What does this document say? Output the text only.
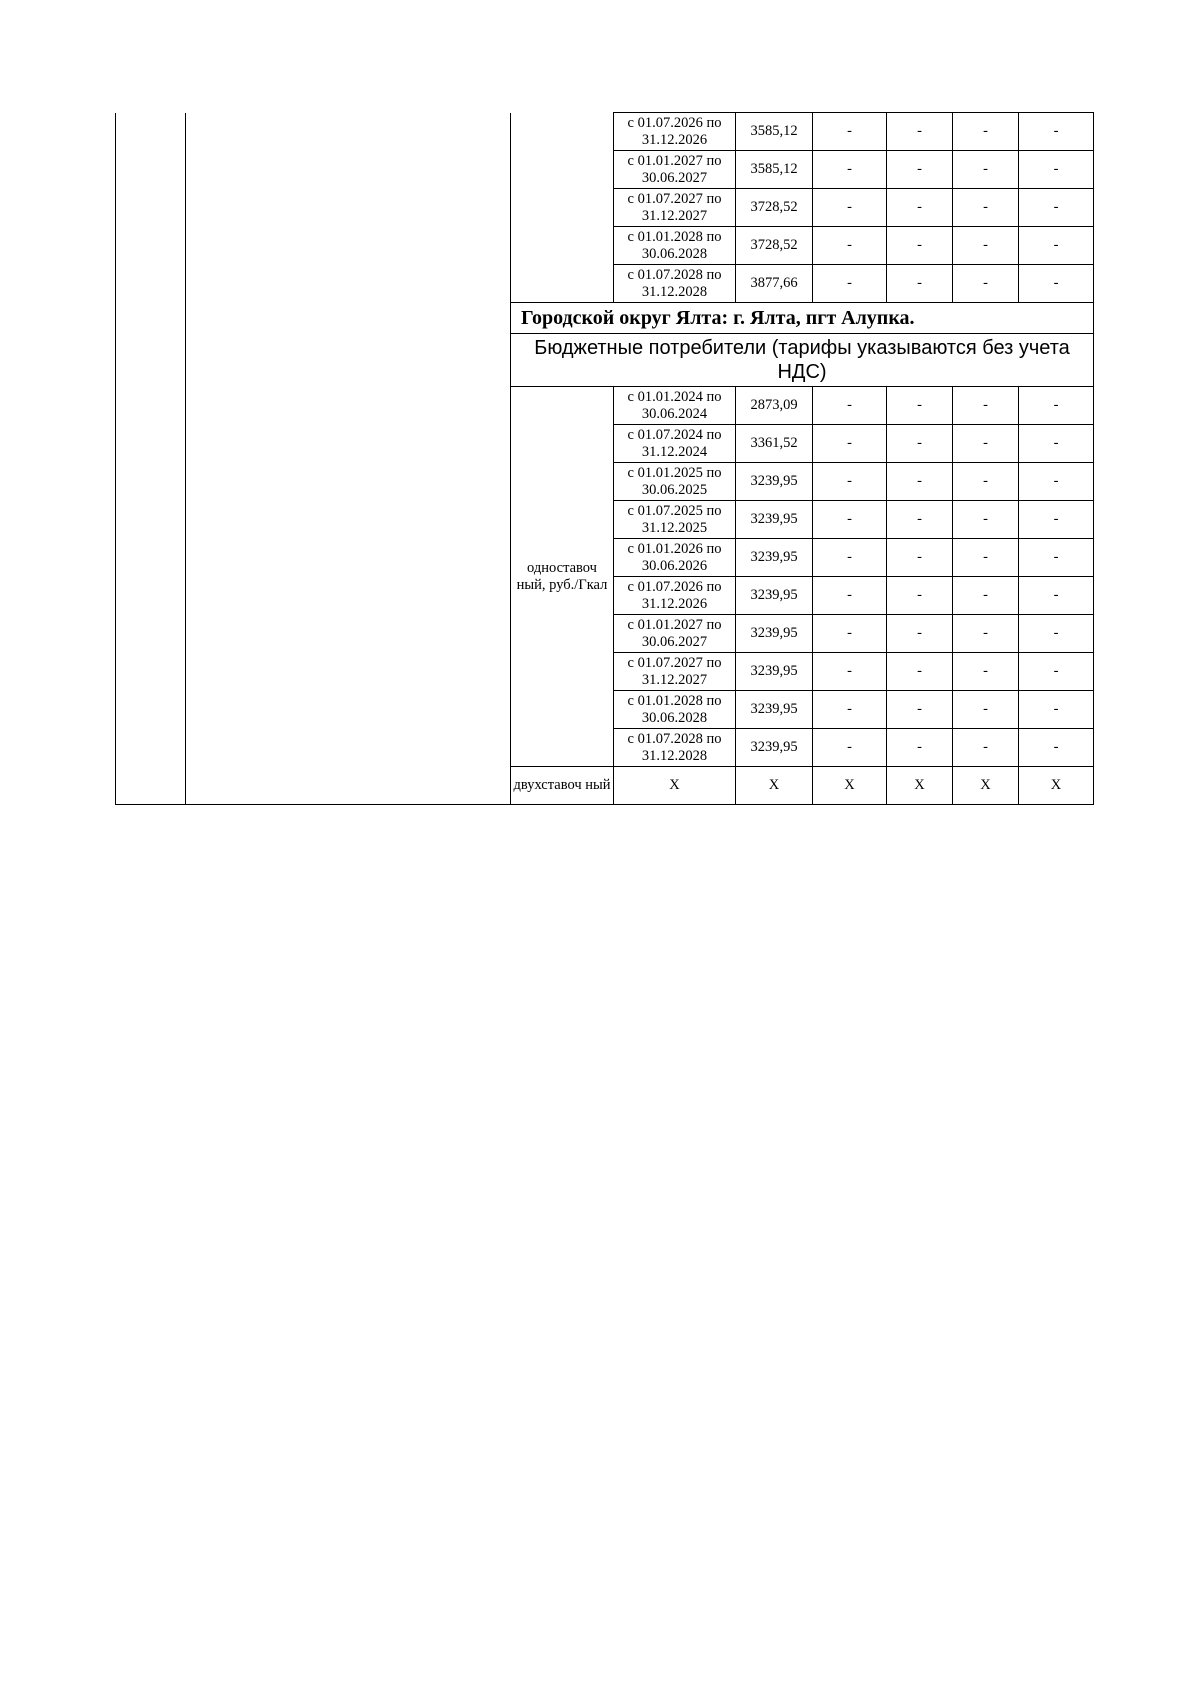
			с 01.07.2026 по 31.12.2026	3585,12	-	-	-	-
			с 01.01.2027 по 30.06.2027	3585,12	-	-	-	-
			с 01.07.2027 по 31.12.2027	3728,52	-	-	-	-
			с 01.01.2028 по 30.06.2028	3728,52	-	-	-	-
			с 01.07.2028 по 31.12.2028	3877,66	-	-	-	-
		Городской округ Ялта: г. Ялта, пгт Алупка.						
		Бюджетные потребители (тарифы указываются без учета НДС)						
		одноставоч ный, руб./Гкал	с 01.01.2024 по 30.06.2024	2873,09	-	-	-	-
			с 01.07.2024 по 31.12.2024	3361,52	-	-	-	-
			с 01.01.2025 по 30.06.2025	3239,95	-	-	-	-
			с 01.07.2025 по 31.12.2025	3239,95	-	-	-	-
			с 01.01.2026 по 30.06.2026	3239,95	-	-	-	-
			с 01.07.2026 по 31.12.2026	3239,95	-	-	-	-
			с 01.01.2027 по 30.06.2027	3239,95	-	-	-	-
			с 01.07.2027 по 31.12.2027	3239,95	-	-	-	-
			с 01.01.2028 по 30.06.2028	3239,95	-	-	-	-
			с 01.07.2028 по 31.12.2028	3239,95	-	-	-	-
		двухставоч ный	X	X	X	X	X	X
